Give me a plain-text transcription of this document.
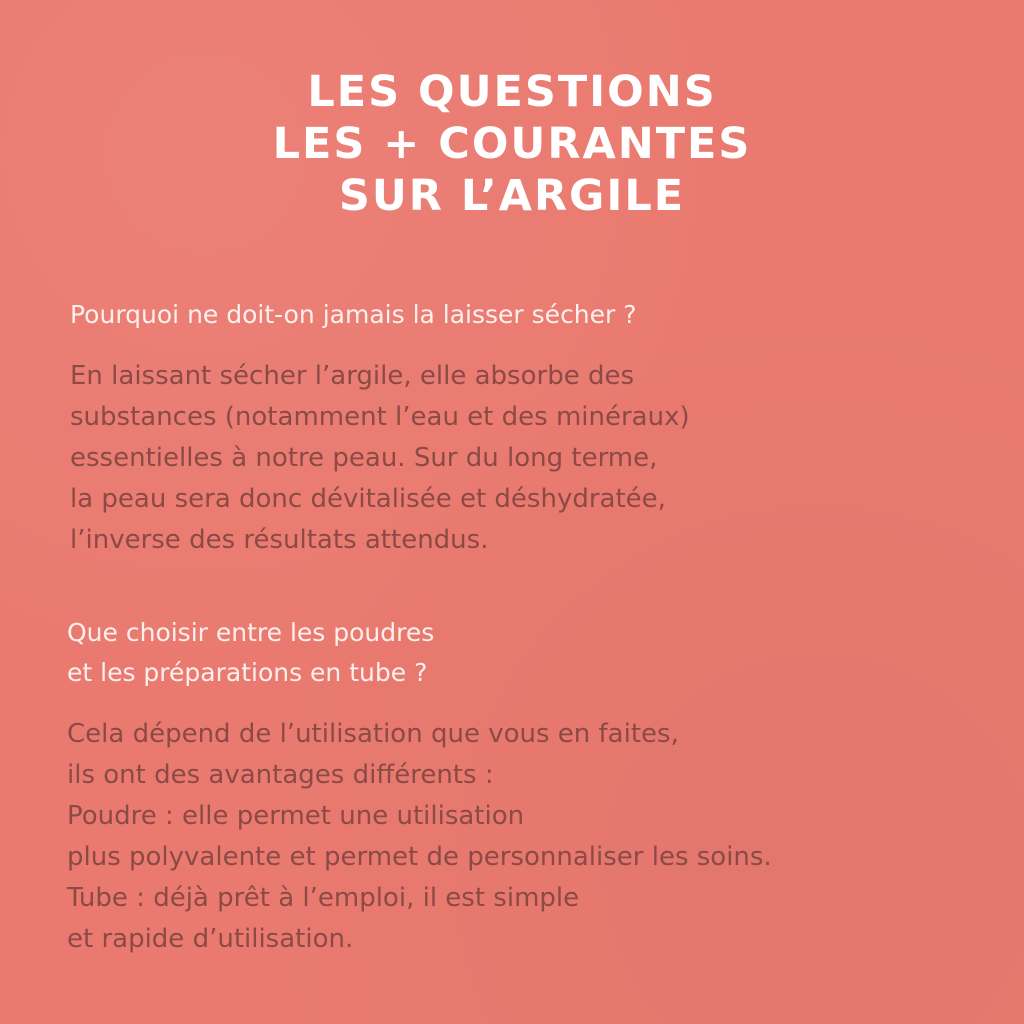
LES QUESTIONS
LES + COURANTES
SUR L’ARGILE
Pourquoi ne doit-on jamais la laisser sécher ?
En laissant sécher l’argile, elle absorbe des
substances (notamment l’eau et des minéraux)
essentielles à notre peau. Sur du long terme,
la peau sera donc dévitalisée et déshydratée,
l’inverse des résultats attendus.
Que choisir entre les poudres
et les préparations en tube ?
Cela dépend de l’utilisation que vous en faites,
ils ont des avantages différents :
Poudre : elle permet une utilisation
plus polyvalente et permet de personnaliser les soins.
Tube : déjà prêt à l’emploi, il est simple
et rapide d’utilisation.
